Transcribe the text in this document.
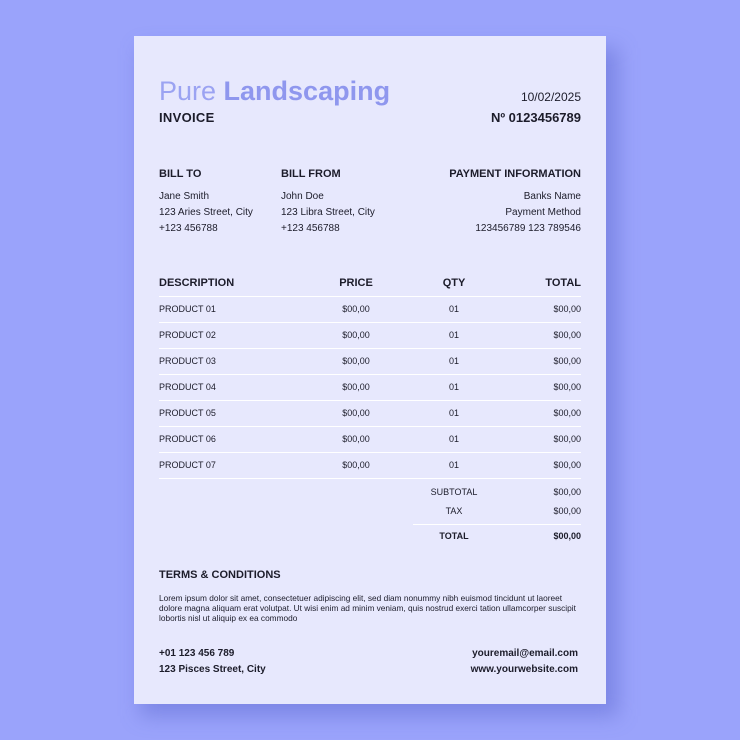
Pure Landscaping
INVOICE
10/02/2025
Nº 0123456789
BILL TO
Jane Smith
123 Aries Street, City
+123 456788
BILL FROM
John Doe
123 Libra Street, City
+123 456788
PAYMENT INFORMATION
Banks Name
Payment Method
123456789 123 789546
DESCRIPTION	PRICE	QTY	TOTAL
PRODUCT 01	$00,00	01	$00,00
PRODUCT 02	$00,00	01	$00,00
PRODUCT 03	$00,00	01	$00,00
PRODUCT 04	$00,00	01	$00,00
PRODUCT 05	$00,00	01	$00,00
PRODUCT 06	$00,00	01	$00,00
PRODUCT 07	$00,00	01	$00,00
SUBTOTAL	$00,00
TAX	$00,00
TOTAL	$00,00
TERMS & CONDITIONS
Lorem ipsum dolor sit amet, consectetuer adipiscing elit, sed diam nonummy nibh euismod tincidunt ut laoreet dolore magna aliquam erat volutpat. Ut wisi enim ad minim veniam, quis nostrud exerci tation ullamcorper suscipit lobortis nisl ut aliquip ex ea commodo
+01 123 456 789
123 Pisces Street, City
youremail@email.com
www.yourwebsite.com
